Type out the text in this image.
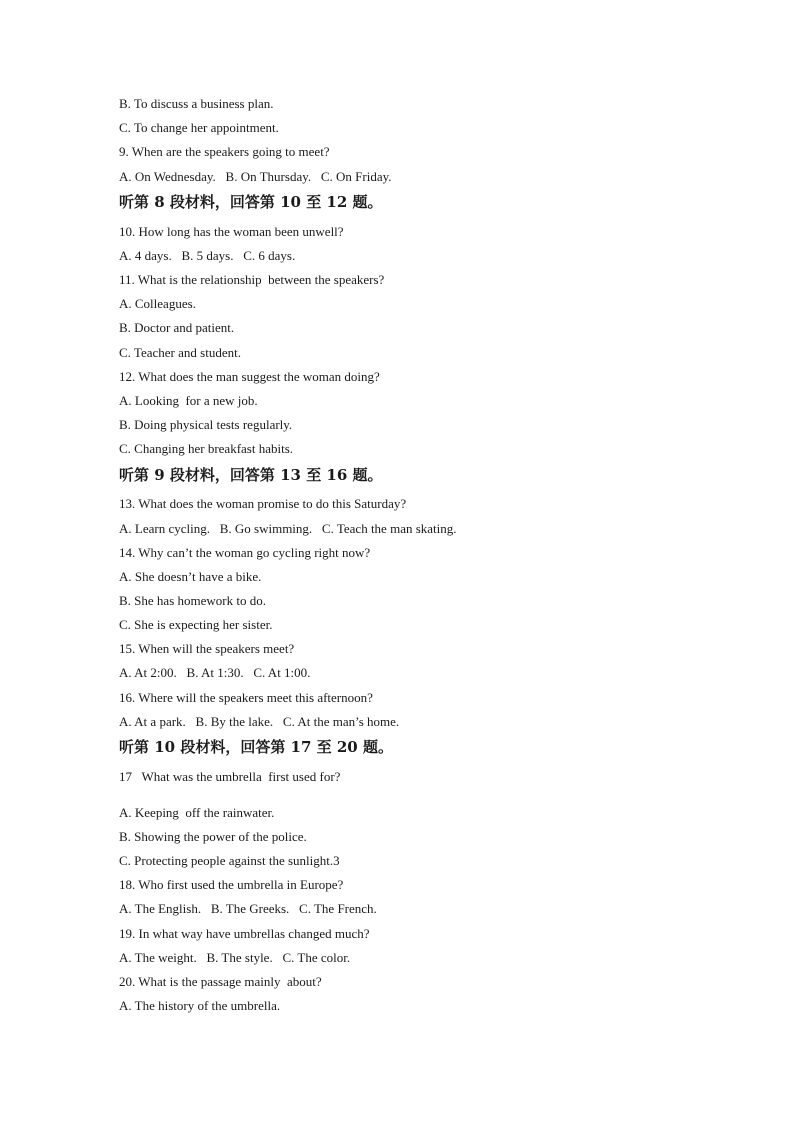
B. To discuss a business plan.
C. To change her appointment.
9. When are the speakers going to meet?
A. On Wednesday.   B. On Thursday.   C. On Friday.
听第 8 段材料，回答第 10 至 12 题。
10. How long has the woman been unwell?
A. 4 days.   B. 5 days.   C. 6 days.
11. What is the relationship  between the speakers?
A. Colleagues.
B. Doctor and patient.
C. Teacher and student.
12. What does the man suggest the woman doing?
A. Looking  for a new job.
B. Doing physical tests regularly.
C. Changing her breakfast habits.
听第 9 段材料，回答第 13 至 16 题。
13. What does the woman promise to do this Saturday?
A. Learn cycling.   B. Go swimming.   C. Teach the man skating.
14. Why can’t the woman go cycling right now?
A. She doesn’t have a bike.
B. She has homework to do.
C. She is expecting her sister.
15. When will the speakers meet?
A. At 2:00.   B. At 1:30.   C. At 1:00.
16. Where will the speakers meet this afternoon?
A. At a park.   B. By the lake.   C. At the man’s home.
听第 10 段材料，回答第 17 至 20 题。
17   What was the umbrella  first used for?
A. Keeping  off the rainwater.
B. Showing the power of the police.
C. Protecting people against the sunlight.3
18. Who first used the umbrella in Europe?
A. The English.   B. The Greeks.   C. The French.
19. In what way have umbrellas changed much?
A. The weight.   B. The style.   C. The color.
20. What is the passage mainly  about?
A. The history of the umbrella.
